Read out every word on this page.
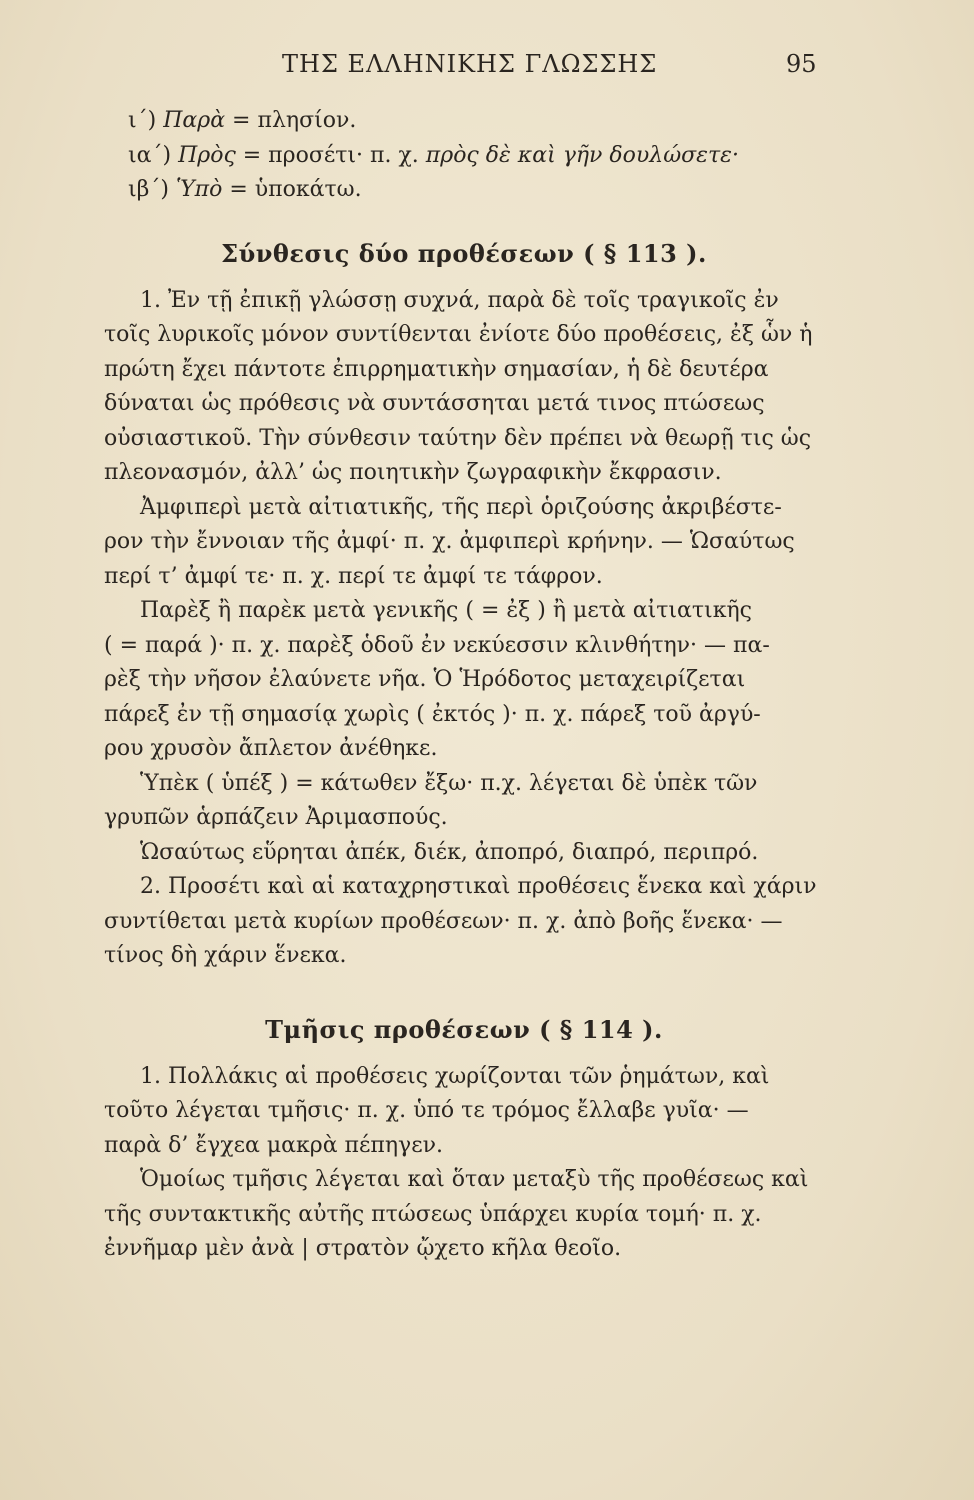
ΤΗΣ ΕΛΛΗΝΙΚΗΣ ΓΛΩΣΣΗΣ	95
ι΄) Παρὰ = πλησίον.
ια΄) Πρὸς = προσέτι· π. χ. πρὸς δὲ καὶ γῆν δουλώσετε·
ιβ΄) Ὑπὸ = ὑποκάτω.
Σύνθεσις δύο προθέσεων ( § 113 ).
1. Ἐν τῇ ἐπικῇ γλώσσῃ συχνά, παρὰ δὲ τοῖς τραγικοῖς ἐν
τοῖς λυρικοῖς μόνον συντίθενται ἐνίοτε δύο προθέσεις, ἐξ ὧν ἡ
πρώτη ἔχει πάντοτε ἐπιρρηματικὴν σημασίαν, ἡ δὲ δευτέρα
δύναται ὡς πρόθεσις νὰ συντάσσηται μετά τινος πτώσεως
οὐσιαστικοῦ. Τὴν σύνθεσιν ταύτην δὲν πρέπει νὰ θεωρῇ τις ὡς
πλεονασμόν, ἀλλ’ ὡς ποιητικὴν ζωγραφικὴν ἔκφρασιν.
Ἀμφιπερὶ μετὰ αἰτιατικῆς, τῆς περὶ ὁριζούσης ἀκριβέστε-
ρον τὴν ἔννοιαν τῆς ἀμφί· π. χ. ἀμφιπερὶ κρήνην. — Ὡσαύτως
περί τ’ ἀμφί τε· π. χ. περί τε ἀμφί τε τάφρον.
Παρὲξ ἢ παρὲκ μετὰ γενικῆς ( = ἐξ ) ἢ μετὰ αἰτιατικῆς
( = παρά )· π. χ. παρὲξ ὁδοῦ ἐν νεκύεσσιν κλινθήτην· — πα-
ρὲξ τὴν νῆσον ἐλαύνετε νῆα. Ὁ Ἡρόδοτος μεταχειρίζεται
πάρεξ ἐν τῇ σημασίᾳ χωρὶς ( ἐκτός )· π. χ. πάρεξ τοῦ ἀργύ-
ρου χρυσὸν ἄπλετον ἀνέθηκε.
Ὑπὲκ ( ὑπέξ ) = κάτωθεν ἔξω· π.χ. λέγεται δὲ ὑπὲκ τῶν
γρυπῶν ἁρπάζειν Ἀριμασπούς.
Ὡσαύτως εὕρηται ἀπέκ, διέκ, ἀποπρό, διαπρό, περιπρό.
2. Προσέτι καὶ αἱ καταχρηστικαὶ προθέσεις ἕνεκα καὶ χάριν
συντίθεται μετὰ κυρίων προθέσεων· π. χ. ἀπὸ βοῆς ἕνεκα· —
τίνος δὴ χάριν ἕνεκα.
Τμῆσις προθέσεων ( § 114 ).
1. Πολλάκις αἱ προθέσεις χωρίζονται τῶν ῥημάτων, καὶ
τοῦτο λέγεται τμῆσις· π. χ. ὑπό τε τρόμος ἔλλαβε γυῖα· —
παρὰ δ’ ἔγχεα μακρὰ πέπηγεν.
Ὁμοίως τμῆσις λέγεται καὶ ὅταν μεταξὺ τῆς προθέσεως καὶ
τῆς συντακτικῆς αὐτῆς πτώσεως ὑπάρχει κυρία τομή· π. χ.
ἐννῆμαρ μὲν ἀνὰ | στρατὸν ᾤχετο κῆλα θεοῖο.
